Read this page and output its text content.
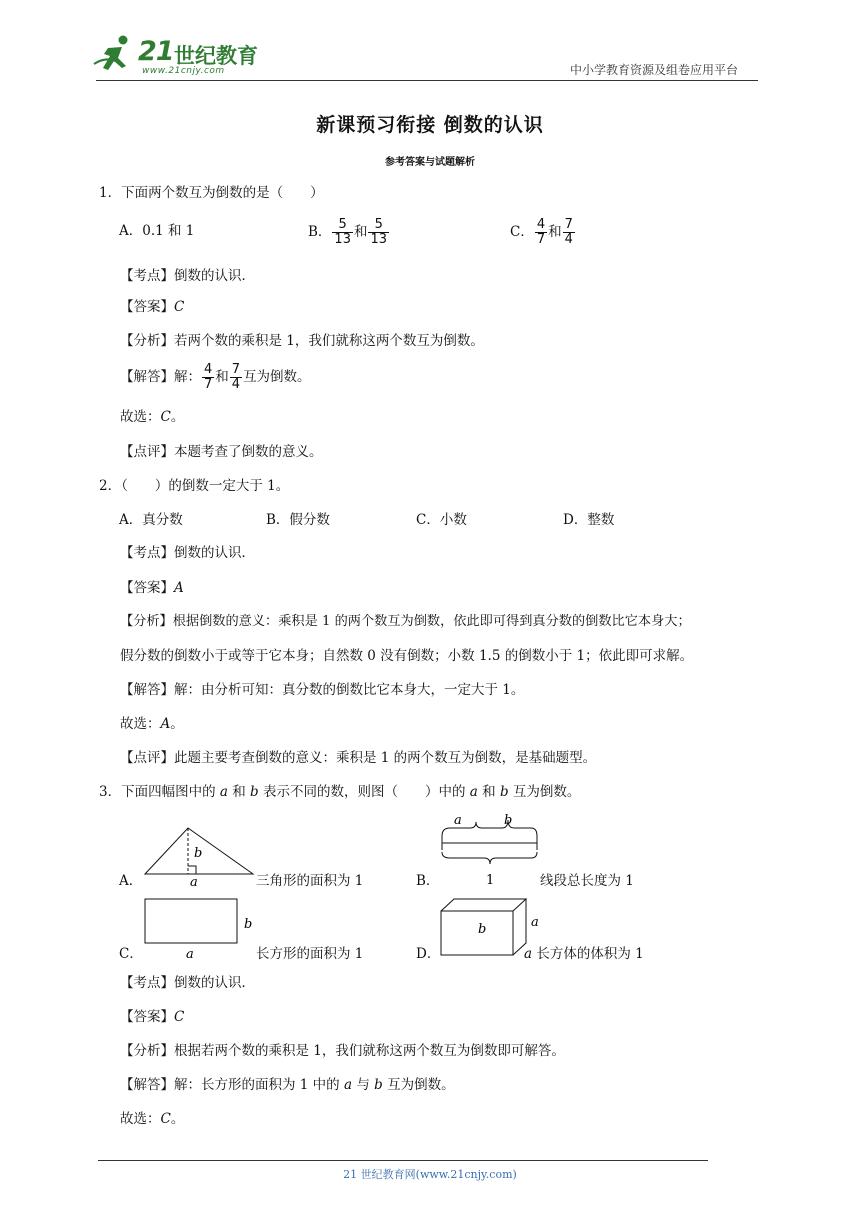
21 世纪教育
www.21cnjy.com	中小学教育资源及组卷应用平台
新课预习衔接 倒数的认识
参考答案与试题解析
1．下面两个数互为倒数的是（　　）
A．0.1 和 1	B． $\frac{5}{13}$ 和 $\frac{5}{13}$	C． $\frac{4}{7}$ 和 $\frac{7}{4}$
【考点】倒数的认识．
【答案】C
【分析】若两个数的乘积是 1，我们就称这两个数互为倒数。
【解答】解： $\frac{4}{7}$ 和 $\frac{7}{4}$ 互为倒数。
故选：C。
【点评】本题考查了倒数的意义。
2．（　　）的倒数一定大于 1。
A．真分数	B．假分数	C．小数	D．整数
【考点】倒数的认识．
【答案】A
【分析】根据倒数的意义：乘积是 1 的两个数互为倒数，依此即可得到真分数的倒数比它本身大；
假分数的倒数小于或等于它本身；自然数 0 没有倒数；小数 1.5 的倒数小于 1；依此即可求解。
【解答】解：由分析可知：真分数的倒数比它本身大，一定大于 1。
故选：A。
【点评】此题主要考查倒数的意义：乘积是 1 的两个数互为倒数，是基础题型。
3．下面四幅图中的 a 和 b 表示不同的数，则图（　　）中的 a 和 b 互为倒数。
b
a
A．	三角形的面积为 1
a	b
1
B．	线段总长度为 1
b
a
C．	长方形的面积为 1
b	a
D．	a 长方体的体积为 1
【考点】倒数的认识．
【答案】C
【分析】根据若两个数的乘积是 1，我们就称这两个数互为倒数即可解答。
【解答】解：长方形的面积为 1 中的 a 与 b 互为倒数。
故选：C。
21 世纪教育网(www.21cnjy.com)
